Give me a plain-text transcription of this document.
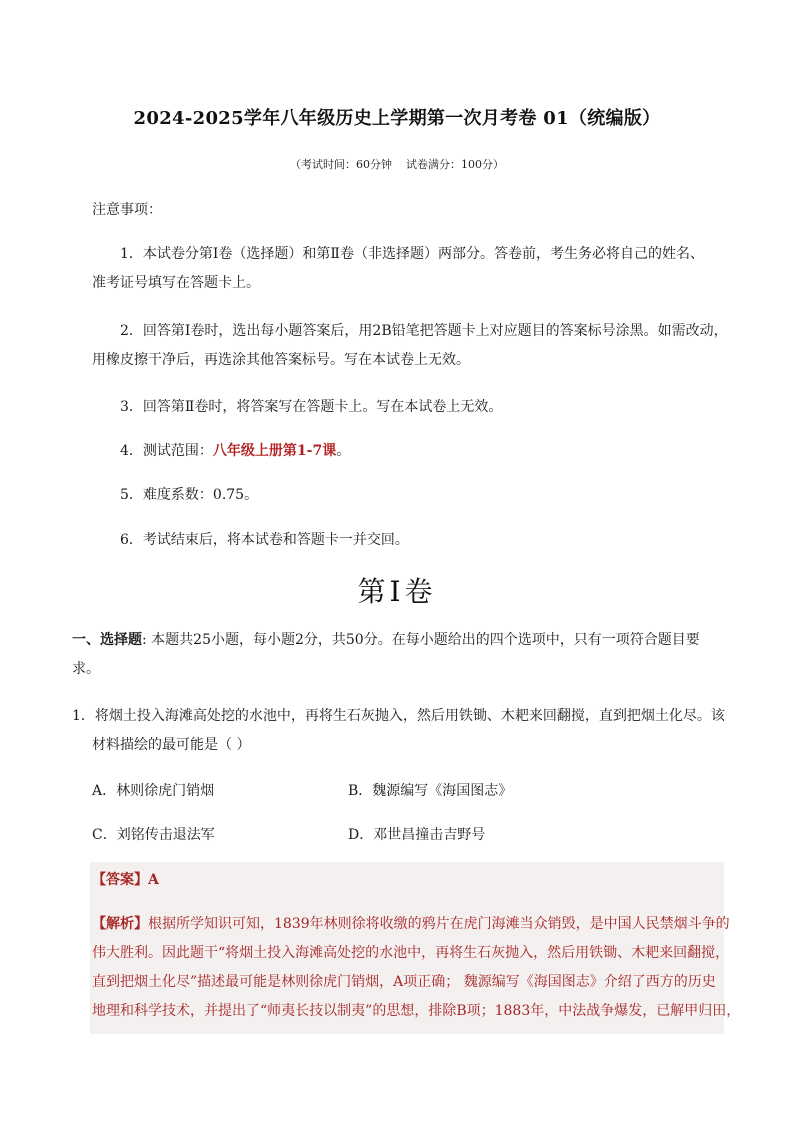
2024-2025学年八年级历史上学期第一次月考卷 01（统编版）
（考试时间：60分钟    试卷满分：100分）
注意事项：
1．本试卷分第Ⅰ卷（选择题）和第Ⅱ卷（非选择题）两部分。答卷前，考生务必将自己的姓名、
准考证号填写在答题卡上。
2．回答第Ⅰ卷时，选出每小题答案后，用2B铅笔把答题卡上对应题目的答案标号涂黑。如需改动，
用橡皮擦干净后，再选涂其他答案标号。写在本试卷上无效。
3．回答第Ⅱ卷时，将答案写在答题卡上。写在本试卷上无效。
4．测试范围：八年级上册第1-7课。
5．难度系数：0.75。
6．考试结束后，将本试卷和答题卡一并交回。
第Ⅰ卷
一、选择题: 本题共25小题，每小题2分，共50分。在每小题给出的四个选项中，只有一项符合题目要
求。
1．将烟土投入海滩高处挖的水池中，再将生石灰抛入，然后用铁锄、木耙来回翻搅，直到把烟土化尽。该
材料描绘的最可能是（ ）
A．林则徐虎门销烟	B．魏源编写《海国图志》
C．刘铭传击退法军	D．邓世昌撞击吉野号
【答案】A
【解析】根据所学知识可知，1839年林则徐将收缴的鸦片在虎门海滩当众销毁，是中国人民禁烟斗争的
伟大胜利。因此题干“将烟土投入海滩高处挖的水池中，再将生石灰抛入，然后用铁锄、木耙来回翻搅，
直到把烟土化尽”描述最可能是林则徐虎门销烟，A项正确； 魏源编写《海国图志》介绍了西方的历史
地理和科学技术，并提出了“师夷长技以制夷”的思想，排除B项；1883年，中法战争爆发，已解甲归田，
